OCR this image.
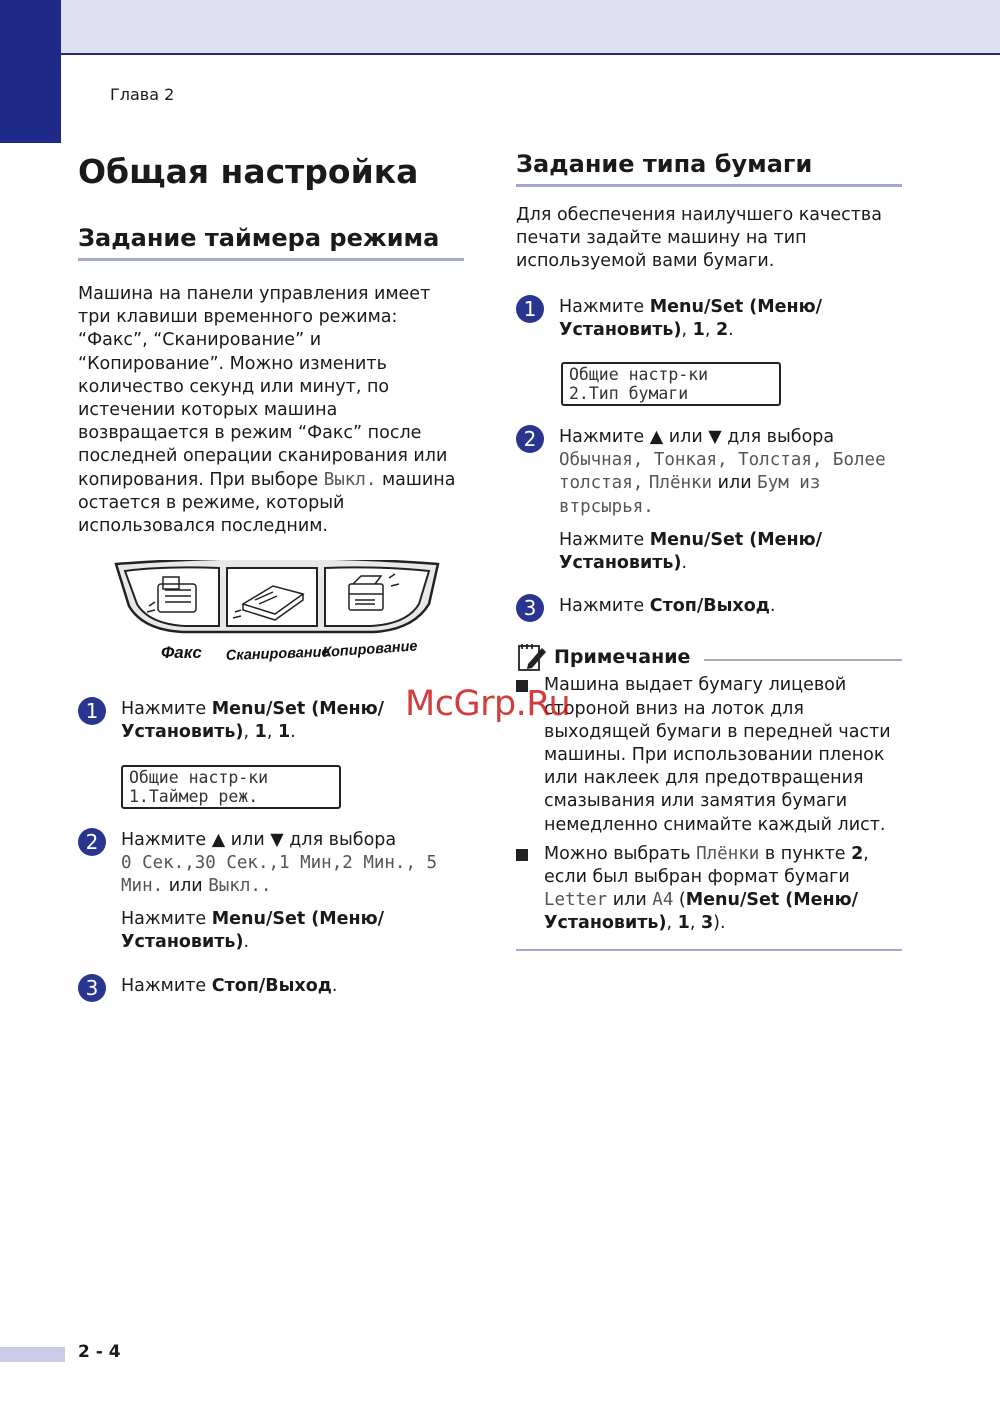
Глава 2
Общая настройка
Задание таймера режима
Машина на панели управления имеет три клавиши временного режима: “Факс”, “Сканирование” и “Копирование”. Можно изменить количество секунд или минут, по истечении которых машина возвращается в режим “Факс” после последней операции сканирования или копирования. При выборе Выкл. машина остается в режиме, который использовался последним.
Факс Сканирование
Копирование
1	Нажмите Menu/Set (Меню/Установить), 1, 1.
Общие настр-ки
1.Таймер реж.
2	Нажмите ▲ или ▼ для выбора
0 Сек.,30 Сек.,1 Мин,2 Мин., 5 Мин. или Выкл..
Нажмите Menu/Set (Меню/Установить).
3	Нажмите Стоп/Выход.
Задание типа бумаги
Для обеспечения наилучшего качества печати задайте машину на тип используемой вами бумаги.
1	Нажмите Menu/Set (Меню/Установить), 1, 2.
Общие настр-ки
2.Тип бумаги
2	Нажмите ▲ или ▼ для выбора
Обычная, Тонкая, Толстая, Более толстая, Плёнки или Бум из втрсырья.
Нажмите Menu/Set (Меню/Установить).
3	Нажмите Стоп/Выход.
Примечание
Машина выдает бумагу лицевой стороной вниз на лоток для выходящей бумаги в передней части машины. При использовании пленок или наклеек для предотвращения смазывания или замятия бумаги немедленно снимайте каждый лист.
Можно выбрать Плёнки в пункте 2, если был выбран формат бумаги Letter или A4 (Menu/Set (Меню/Установить), 1, 3).
McGrp.Ru
2 - 4
